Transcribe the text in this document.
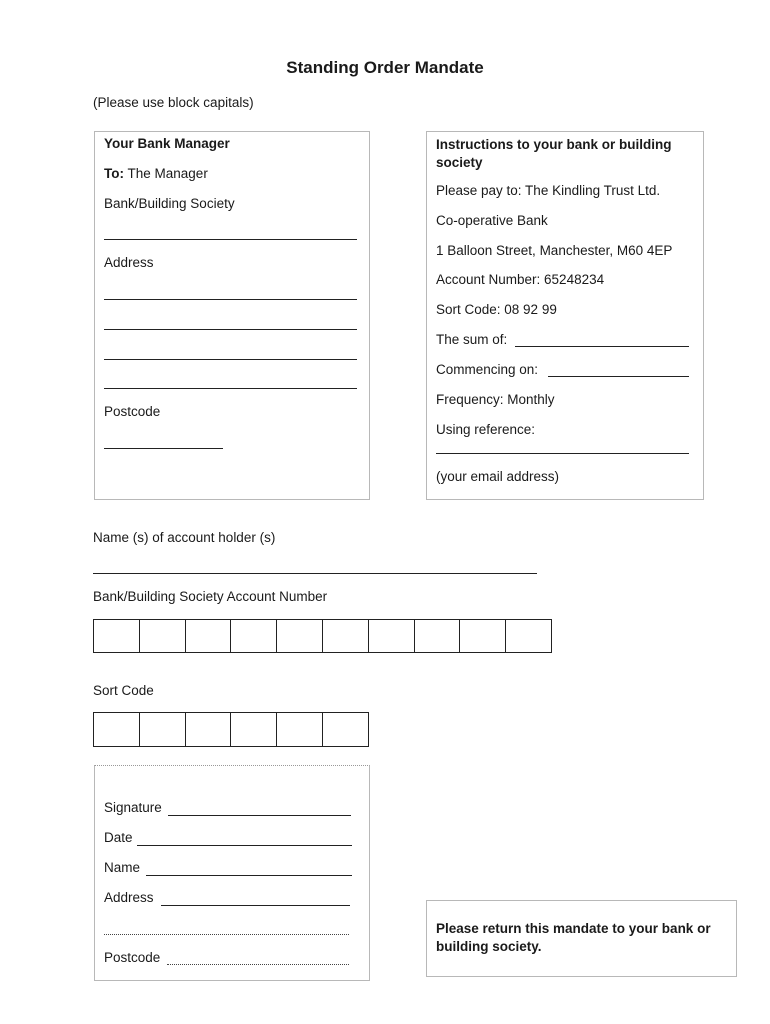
Standing Order Mandate
(Please use block capitals)
Your Bank Manager
To: The Manager
Bank/Building Society
Address
Postcode
Instructions to your bank or building society
Please pay to: The Kindling Trust Ltd.
Co-operative Bank
1 Balloon Street, Manchester, M60 4EP
Account Number: 65248234
Sort Code: 08 92 99
The sum of:
Commencing on:
Frequency: Monthly
Using reference:
(your email address)
Name (s) of account holder (s)
Bank/Building Society Account Number
Sort Code
Signature
Date
Name
Address
Postcode
Please return this mandate to your bank or building society.
